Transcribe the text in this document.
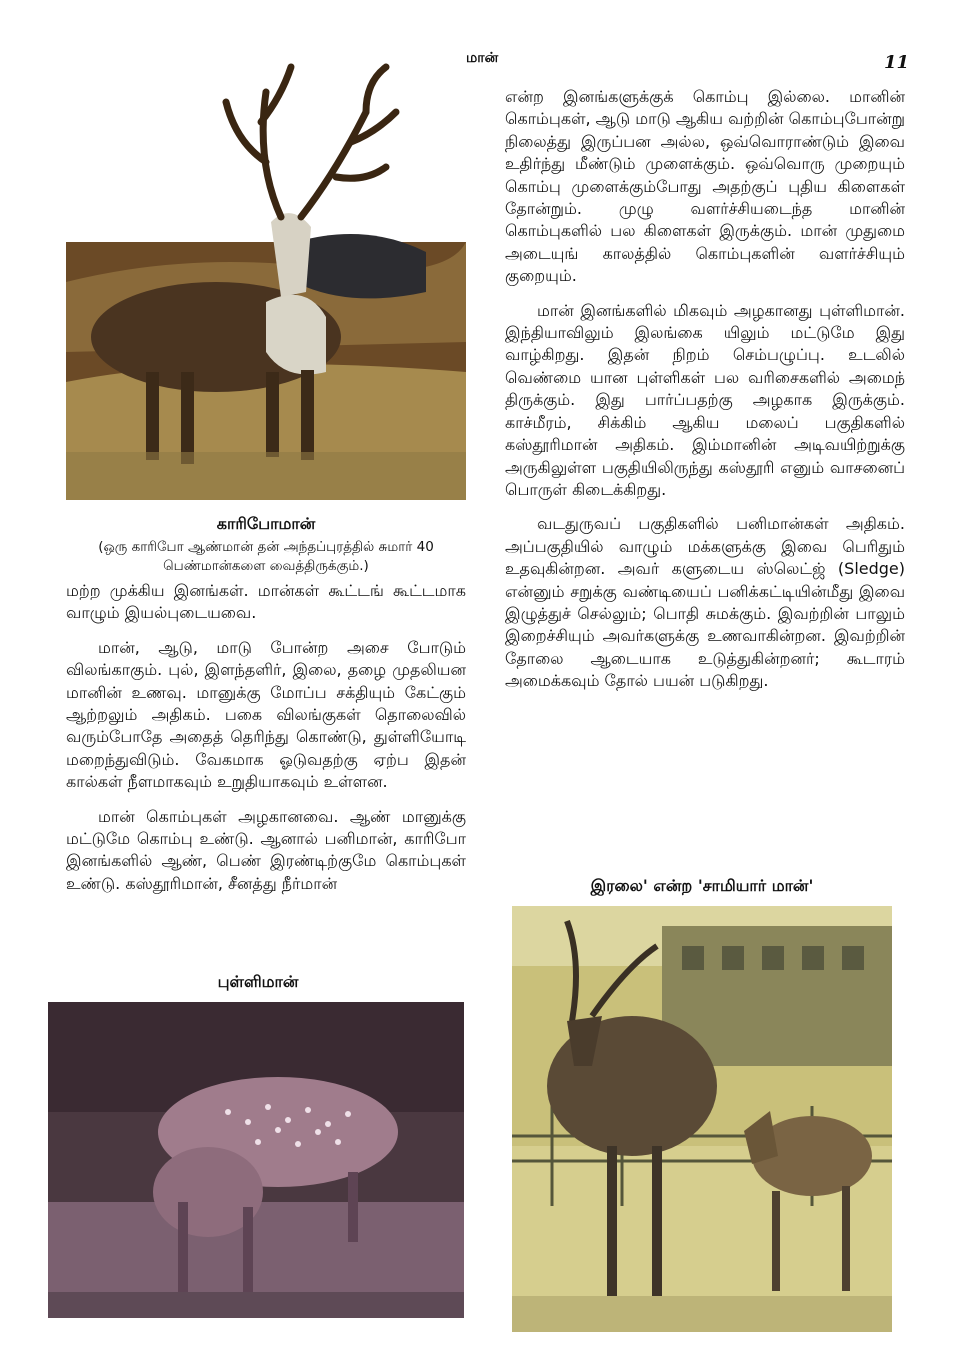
மான்	11
காரிபோமான்
(ஒரு காரிபோ ஆண்மான் தன் அந்தப்புரத்தில் சுமார் 40 பெண்மான்களை வைத்திருக்கும்.)

மற்ற முக்கிய இனங்கள். மான்கள் கூட்டங் கூட்டமாக வாழும் இயல்புடையவை.

மான், ஆடு, மாடு போன்ற அசை போடும் விலங்காகும். புல், இளந்தளிர், இலை, தழை முதலியன மானின் உணவு. மானுக்கு மோப்ப சக்தியும் கேட்கும் ஆற்றலும் அதிகம். பகை விலங்குகள் தொலைவில் வரும்போதே அதைத் தெரிந்து கொண்டு, துள்ளியோடி மறைந்துவிடும். வேகமாக ஓடுவதற்கு ஏற்ப இதன் கால்கள் நீளமாகவும் உறுதியாகவும் உள்ளன.

மான் கொம்புகள் அழகானவை. ஆண் மானுக்கு மட்டுமே கொம்பு உண்டு. ஆனால் பனிமான், காரிபோ இனங்களில் ஆண், பெண் இரண்டிற்குமே கொம்புகள் உண்டு. கஸ்தூரிமான், சீனத்து நீர்மான்

புள்ளிமான்

என்ற இனங்களுக்குக் கொம்பு இல்லை. மானின் கொம்புகள், ஆடு மாடு ஆகிய வற்றின் கொம்புபோன்று நிலைத்து இருப்பன அல்ல, ஒவ்வொராண்டும் இவை உதிர்ந்து மீண்டும் முளைக்கும். ஒவ்வொரு முறையும் கொம்பு முளைக்கும்போது அதற்குப் புதிய கிளைகள் தோன்றும். முழு வளர்ச்சியடைந்த மானின் கொம்புகளில் பல கிளைகள் இருக்கும். மான் முதுமை அடையுங் காலத்தில் கொம்புகளின் வளர்ச்சியும் குறையும்.

மான் இனங்களில் மிகவும் அழகானது புள்ளிமான். இந்தியாவிலும் இலங்கை யிலும் மட்டுமே இது வாழ்கிறது. இதன் நிறம் செம்பழுப்பு. உடலில் வெண்மை யான புள்ளிகள் பல வரிசைகளில் அமைந் திருக்கும். இது பார்ப்பதற்கு அழகாக இருக்கும். காச்மீரம், சிக்கிம் ஆகிய மலைப் பகுதிகளில் கஸ்தூரிமான் அதிகம். இம்மானின் அடிவயிற்றுக்கு அருகிலுள்ள பகுதியிலிருந்து கஸ்தூரி எனும் வாசனைப் பொருள் கிடைக்கிறது.

வடதுருவப் பகுதிகளில் பனிமான்கள் அதிகம். அப்பகுதியில் வாழும் மக்களுக்கு இவை பெரிதும் உதவுகின்றன. அவர் களுடைய ஸ்லெட்ஜ் (Sledge) என்னும் சறுக்கு வண்டியைப் பனிக்கட்டியின்மீது இவை இழுத்துச் செல்லும்; பொதி சுமக்கும். இவற்றின் பாலும் இறைச்சியும் அவர்களுக்கு உணவாகின்றன. இவற்றின் தோலை ஆடையாக உடுத்துகின்றனர்; கூடாரம் அமைக்கவும் தோல் பயன் படுகிறது.

இரலை' என்ற 'சாமியார் மான்'
